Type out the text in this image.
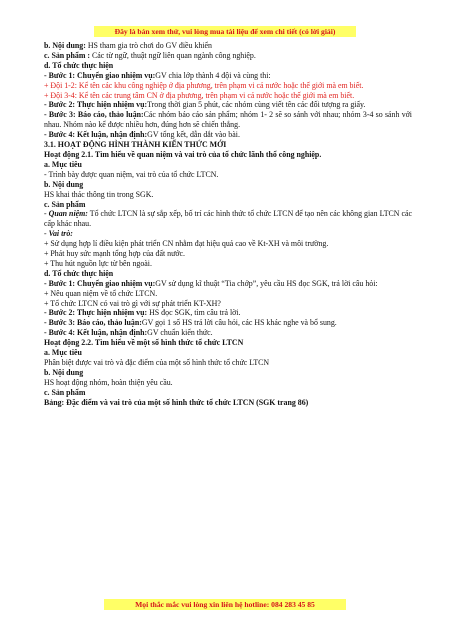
Đây là bản xem thử, vui lòng mua tài liệu để xem chi tiết (có lời giải)

b. Nội dung: HS tham gia trò chơi do GV điều khiển

c. Sản phẩm : Các từ ngữ, thuật ngữ liên quan ngành công nghiệp.

d. Tổ chức thực hiện

- Bước 1: Chuyển giao nhiệm vụ:GV chia lớp thành 4 đội và cùng thi:

+ Đội 1-2: Kể tên các khu công nghiệp ở địa phương, trên phạm vi cả nước hoặc thế giới mà em biết.

+ Đội 3-4: Kể tên các trung tâm CN ở địa phương, trên phạm vi cả nước hoặc thế giới mà em biết.

- Bước 2: Thực hiện nhiệm vụ:Trong thời gian 5 phút, các nhóm cùng viết tên các đối tượng ra giấy.

- Bước 3: Báo cáo, thảo luận:Các nhóm báo cáo sản phẩm; nhóm 1- 2 sẽ so sánh với nhau; nhóm 3-4 so sánh với nhau. Nhóm nào kể được nhiều hơn, đúng hơn sẽ chiến thắng.

- Bước 4: Kết luận, nhận định:GV tổng kết, dẫn dắt vào bài.

3.1. HOẠT ĐỘNG HÌNH THÀNH KIẾN THỨC MỚI

Hoạt động 2.1. Tìm hiểu về quan niệm và vai trò của tổ chức lãnh thổ công nghiệp.

a. Mục tiêu

- Trình bày được quan niệm, vai trò của tổ chức LTCN.

b. Nội dung

HS khai thác thông tin trong SGK.

c. Sản phẩm

- Quan niệm: Tổ chức LTCN là sự sắp xếp, bố trí các hình thức tổ chức LTCN để tạo nên các không gian LTCN các cấp khác nhau.

- Vai trò:

+ Sử dụng hợp lí điều kiện phát triển CN nhằm đạt hiệu quả cao về Kt-XH và môi trường.

+ Phát huy sức mạnh tổng hợp của đất nước.

+ Thu hút nguồn lực từ bên ngoài.

d. Tổ chức thực hiện

- Bước 1: Chuyển giao nhiệm vụ:GV sử dụng kĩ thuật “Tia chớp”, yêu cầu HS đọc SGK, trả lời câu hỏi:

+ Nêu quan niệm về tổ chức LTCN.

+ Tổ chức LTCN có vai trò gì với sự phát triển KT-XH?

- Bước 2: Thực hiện nhiệm vụ: HS đọc SGK, tìm câu trả lời.

- Bước 3: Báo cáo, thảo luận:GV gọi 1 số HS trả lời câu hỏi, các HS khác nghe và bổ sung.

- Bước 4: Kết luận, nhận định:GV chuẩn kiến thức.

Hoạt động 2.2. Tìm hiểu về một số hình thức tổ chức LTCN

a. Mục tiêu

Phân biệt được vai trò và đặc điểm của một số hình thức tổ chức LTCN

b. Nội dung

HS hoạt động nhóm, hoàn thiện yêu cầu.

c. Sản phẩm

Bảng: Đặc điểm và vai trò của một số hình thức tổ chức LTCN (SGK trang 86)

Mọi thắc mắc vui lòng xin liên hệ hotline: 084 283 45 85
